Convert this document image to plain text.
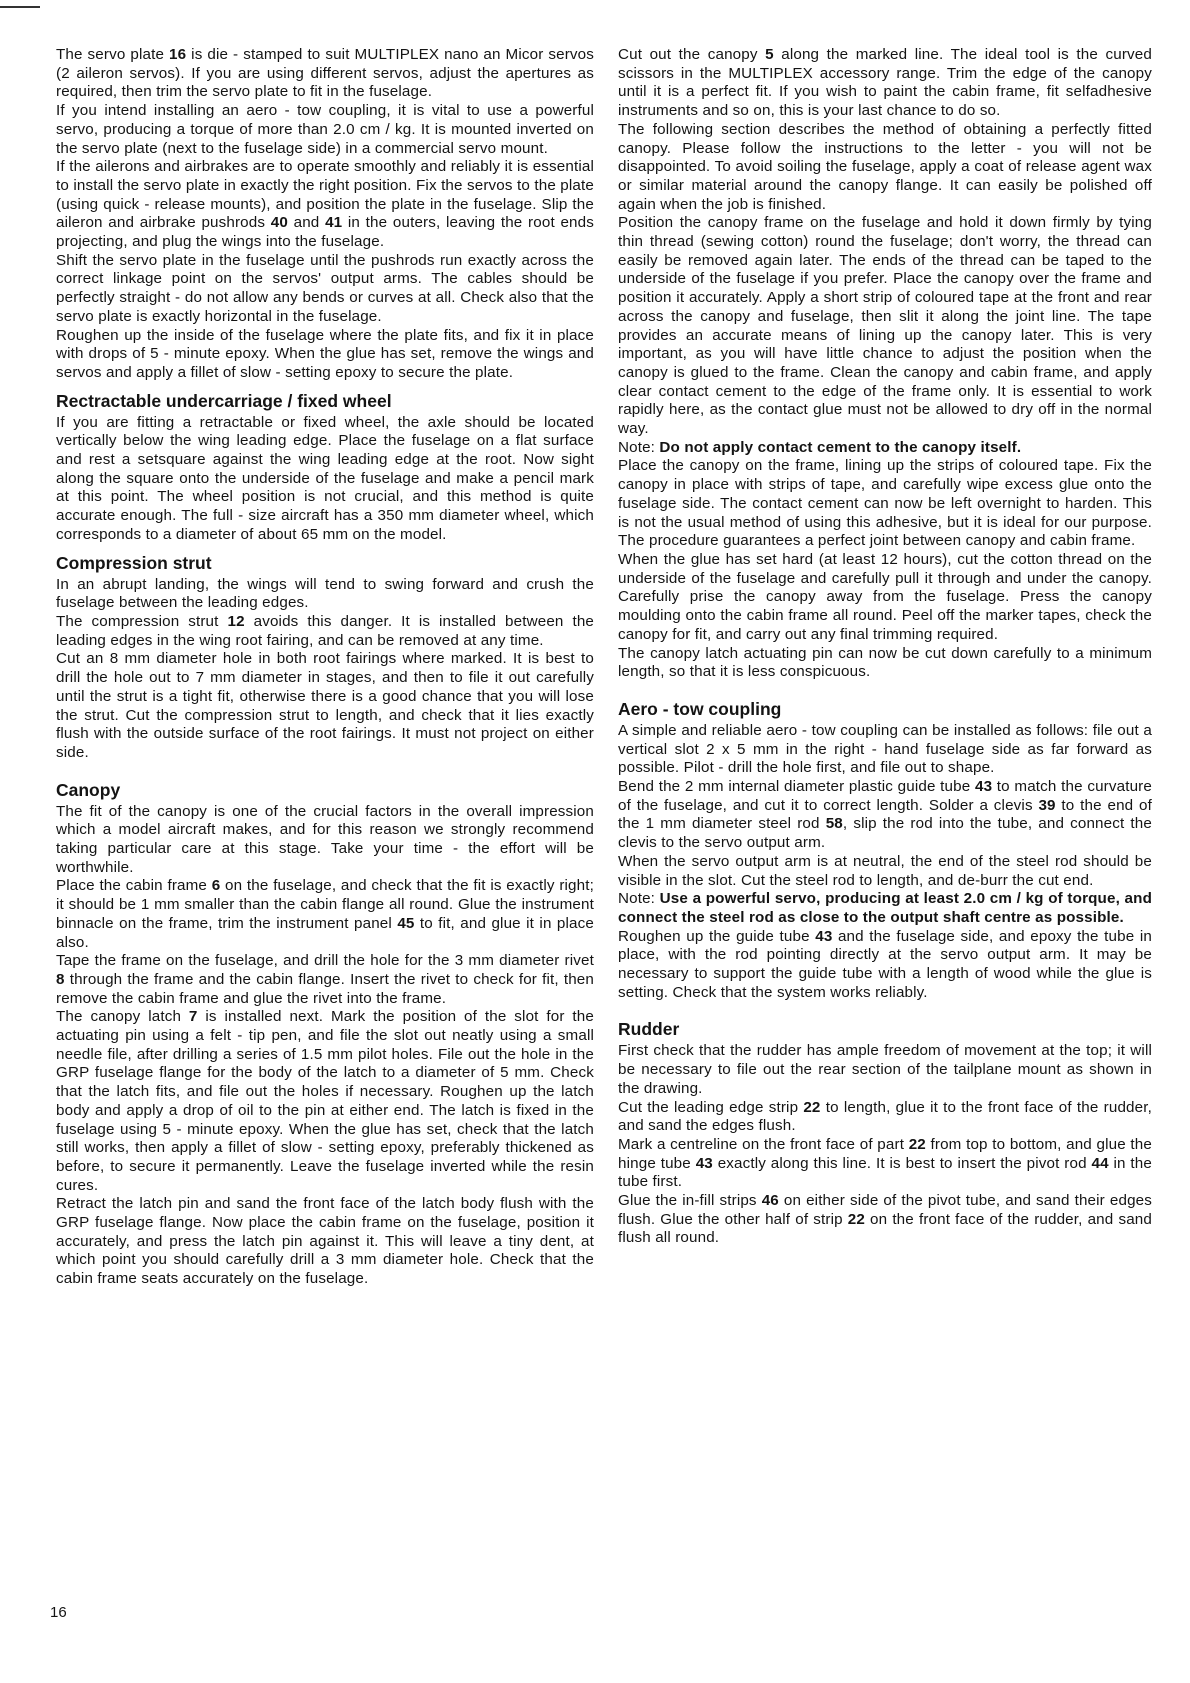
The servo plate 16 is die - stamped to suit MULTIPLEX nano an Micor servos (2 aileron servos). If you are using different servos, adjust the apertures as required, then trim the servo plate to fit in the fuselage.

If you intend installing an aero - tow coupling, it is vital to use a powerful servo, producing a torque of more than 2.0 cm / kg. It is mounted inverted on the servo plate (next to the fuselage side) in a commercial servo mount.

If the ailerons and airbrakes are to operate smoothly and reliably it is essential to install the servo plate in exactly the right position. Fix the servos to the plate (using quick - release mounts), and position the plate in the fuselage. Slip the aileron and airbrake pushrods 40 and 41 in the outers, leaving the root ends projecting, and plug the wings into the fuselage.

Shift the servo plate in the fuselage until the pushrods run exactly across the correct linkage point on the servos' output arms. The cables should be perfectly straight - do not allow any bends or curves at all. Check also that the servo plate is exactly horizontal in the fuselage.

Roughen up the inside of the fuselage where the plate fits, and fix it in place with drops of 5 - minute epoxy. When the glue has set, remove the wings and servos and apply a fillet of slow - setting epoxy to secure the plate.

Rectractable undercarriage / fixed wheel

If you are fitting a retractable or fixed wheel, the axle should be located vertically below the wing leading edge. Place the fuselage on a flat surface and rest a setsquare against the wing leading edge at the root. Now sight along the square onto the underside of the fuselage and make a pencil mark at this point. The wheel position is not crucial, and this method is quite accurate enough. The full - size aircraft has a 350 mm diameter wheel, which corresponds to a diameter of about 65 mm on the model.

Compression strut

In an abrupt landing, the wings will tend to swing forward and crush the fuselage between the leading edges.

The compression strut 12 avoids this danger. It is installed between the leading edges in the wing root fairing, and can be removed at any time.

Cut an 8 mm diameter hole in both root fairings where marked. It is best to drill the hole out to 7 mm diameter in stages, and then to file it out carefully until the strut is a tight fit, otherwise there is a good chance that you will lose the strut. Cut the compression strut to length, and check that it lies exactly flush with the outside surface of the root fairings. It must not project on either side.

Canopy

The fit of the canopy is one of the crucial factors in the overall impression which a model aircraft makes, and for this reason we strongly recommend taking particular care at this stage. Take your time - the effort will be worthwhile.

Place the cabin frame 6 on the fuselage, and check that the fit is exactly right; it should be 1 mm smaller than the cabin flange all round. Glue the instrument binnacle on the frame, trim the instrument panel 45 to fit, and glue it in place also.

Tape the frame on the fuselage, and drill the hole for the 3 mm diameter rivet 8 through the frame and the cabin flange. Insert the rivet to check for fit, then remove the cabin frame and glue the rivet into the frame.

The canopy latch 7 is installed next. Mark the position of the slot for the actuating pin using a felt - tip pen, and file the slot out neatly using a small needle file, after drilling a series of 1.5 mm pilot holes. File out the hole in the GRP fuselage flange for the body of the latch to a diameter of 5 mm. Check that the latch fits, and file out the holes if necessary. Roughen up the latch body and apply a drop of oil to the pin at either end. The latch is fixed in the fuselage using 5 - minute epoxy. When the glue has set, check that the latch still works, then apply a fillet of slow - setting epoxy, preferably thickened as before, to secure it permanently. Leave the fuselage inverted while the resin cures.

Retract the latch pin and sand the front face of the latch body flush with the GRP fuselage flange. Now place the cabin frame on the fuselage, position it accurately, and press the latch pin against it. This will leave a tiny dent, at which point you should carefully drill a 3 mm diameter hole. Check that the cabin frame seats accurately on the fuselage.

Cut out the canopy 5 along the marked line. The ideal tool is the curved scissors in the MULTIPLEX accessory range. Trim the edge of the canopy until it is a perfect fit. If you wish to paint the cabin frame, fit selfadhesive instruments and so on, this is your last chance to do so.

The following section describes the method of obtaining a perfectly fitted canopy. Please follow the instructions to the letter - you will not be disappointed. To avoid soiling the fuselage, apply a coat of release agent wax or similar material around the canopy flange. It can easily be polished off again when the job is finished.

Position the canopy frame on the fuselage and hold it down firmly by tying thin thread (sewing cotton) round the fuselage; don't worry, the thread can easily be removed again later. The ends of the thread can be taped to the underside of the fuselage if you prefer. Place the canopy over the frame and position it accurately. Apply a short strip of coloured tape at the front and rear across the canopy and fuselage, then slit it along the joint line. The tape provides an accurate means of lining up the canopy later. This is very important, as you will have little chance to adjust the position when the canopy is glued to the frame. Clean the canopy and cabin frame, and apply clear contact cement to the edge of the frame only. It is essential to work rapidly here, as the contact glue must not be allowed to dry off in the normal way.

Note: Do not apply contact cement to the canopy itself.

Place the canopy on the frame, lining up the strips of coloured tape. Fix the canopy in place with strips of tape, and carefully wipe excess glue onto the fuselage side. The contact cement can now be left overnight to harden. This is not the usual method of using this adhesive, but it is ideal for our purpose. The procedure guarantees a perfect joint between canopy and cabin frame.

When the glue has set hard (at least 12 hours), cut the cotton thread on the underside of the fuselage and carefully pull it through and under the canopy. Carefully prise the canopy away from the fuselage. Press the canopy moulding onto the cabin frame all round. Peel off the marker tapes, check the canopy for fit, and carry out any final trimming required.

The canopy latch actuating pin can now be cut down carefully to a minimum length, so that it is less conspicuous.

Aero - tow coupling

A simple and reliable aero - tow coupling can be installed as follows: file out a vertical slot 2 x 5 mm in the right - hand fuselage side as far forward as possible. Pilot - drill the hole first, and file out to shape.

Bend the 2 mm internal diameter plastic guide tube 43 to match the curvature of the fuselage, and cut it to correct length. Solder a clevis 39 to the end of the 1 mm diameter steel rod 58, slip the rod into the tube, and connect the clevis to the servo output arm.

When the servo output arm is at neutral, the end of the steel rod should be visible in the slot. Cut the steel rod to length, and de-burr the cut end.

Note: Use a powerful servo, producing at least 2.0 cm / kg of torque, and connect the steel rod as close to the output shaft centre as possible.

Roughen up the guide tube 43 and the fuselage side, and epoxy the tube in place, with the rod pointing directly at the servo output arm. It may be necessary to support the guide tube with a length of wood while the glue is setting. Check that the system works reliably.

Rudder

First check that the rudder has ample freedom of movement at the top; it will be necessary to file out the rear section of the tailplane mount as shown in the drawing.

Cut the leading edge strip 22 to length, glue it to the front face of the rudder, and sand the edges flush.

Mark a centreline on the front face of part 22 from top to bottom, and glue the hinge tube 43 exactly along this line. It is best to insert the pivot rod 44 in the tube first.

Glue the in-fill strips 46 on either side of the pivot tube, and sand their edges flush. Glue the other half of strip 22 on the front face of the rudder, and sand flush all round.

16
